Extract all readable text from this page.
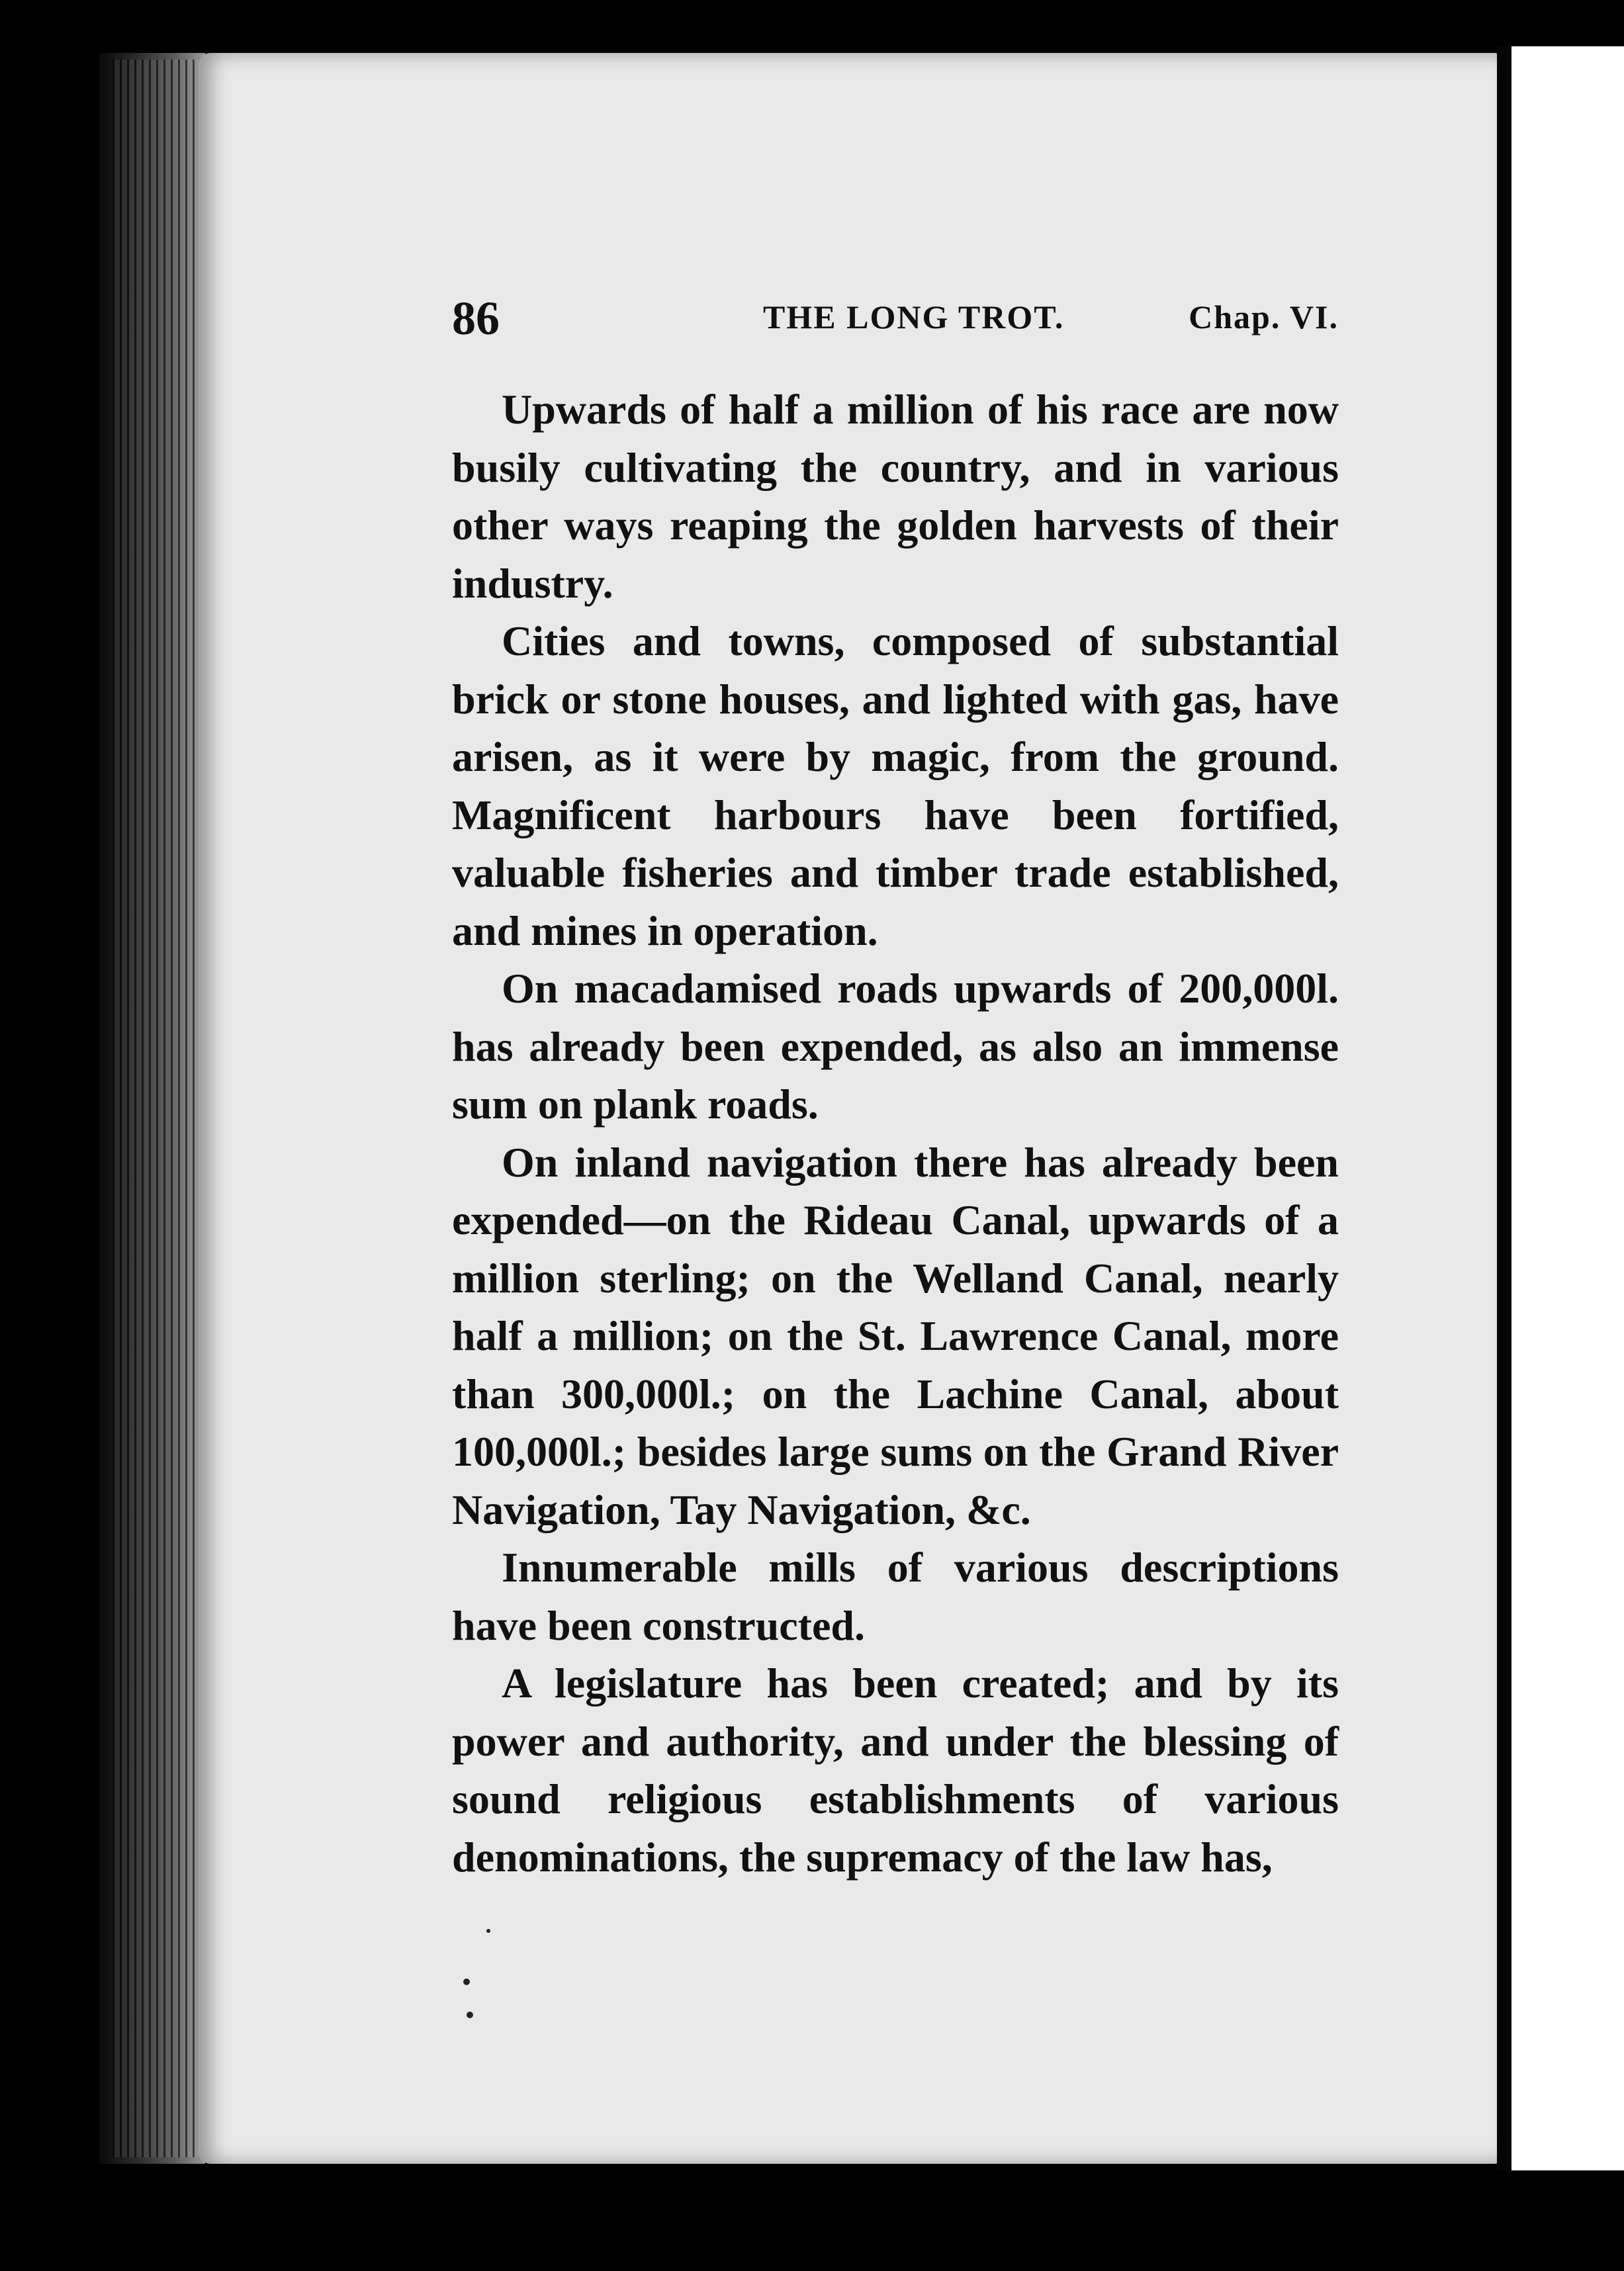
86	THE LONG TROT.	Chap. VI.

Upwards of half a million of his race are now busily cultivating the country, and in various other ways reaping the golden harvests of their industry.

Cities and towns, composed of substantial brick or stone houses, and lighted with gas, have arisen, as it were by magic, from the ground. Magnificent harbours have been fortified, valuable fisheries and timber trade established, and mines in operation.

On macadamised roads upwards of 200,000l. has already been expended, as also an immense sum on plank roads.

On inland navigation there has already been expended—on the Rideau Canal, upwards of a million sterling; on the Welland Canal, nearly half a million; on the St. Lawrence Canal, more than 300,000l.; on the Lachine Canal, about 100,000l.; besides large sums on the Grand River Navigation, Tay Navigation, &c.

Innumerable mills of various descriptions have been constructed.

A legislature has been created; and by its power and authority, and under the blessing of sound religious establishments of various denominations, the supremacy of the law has,
